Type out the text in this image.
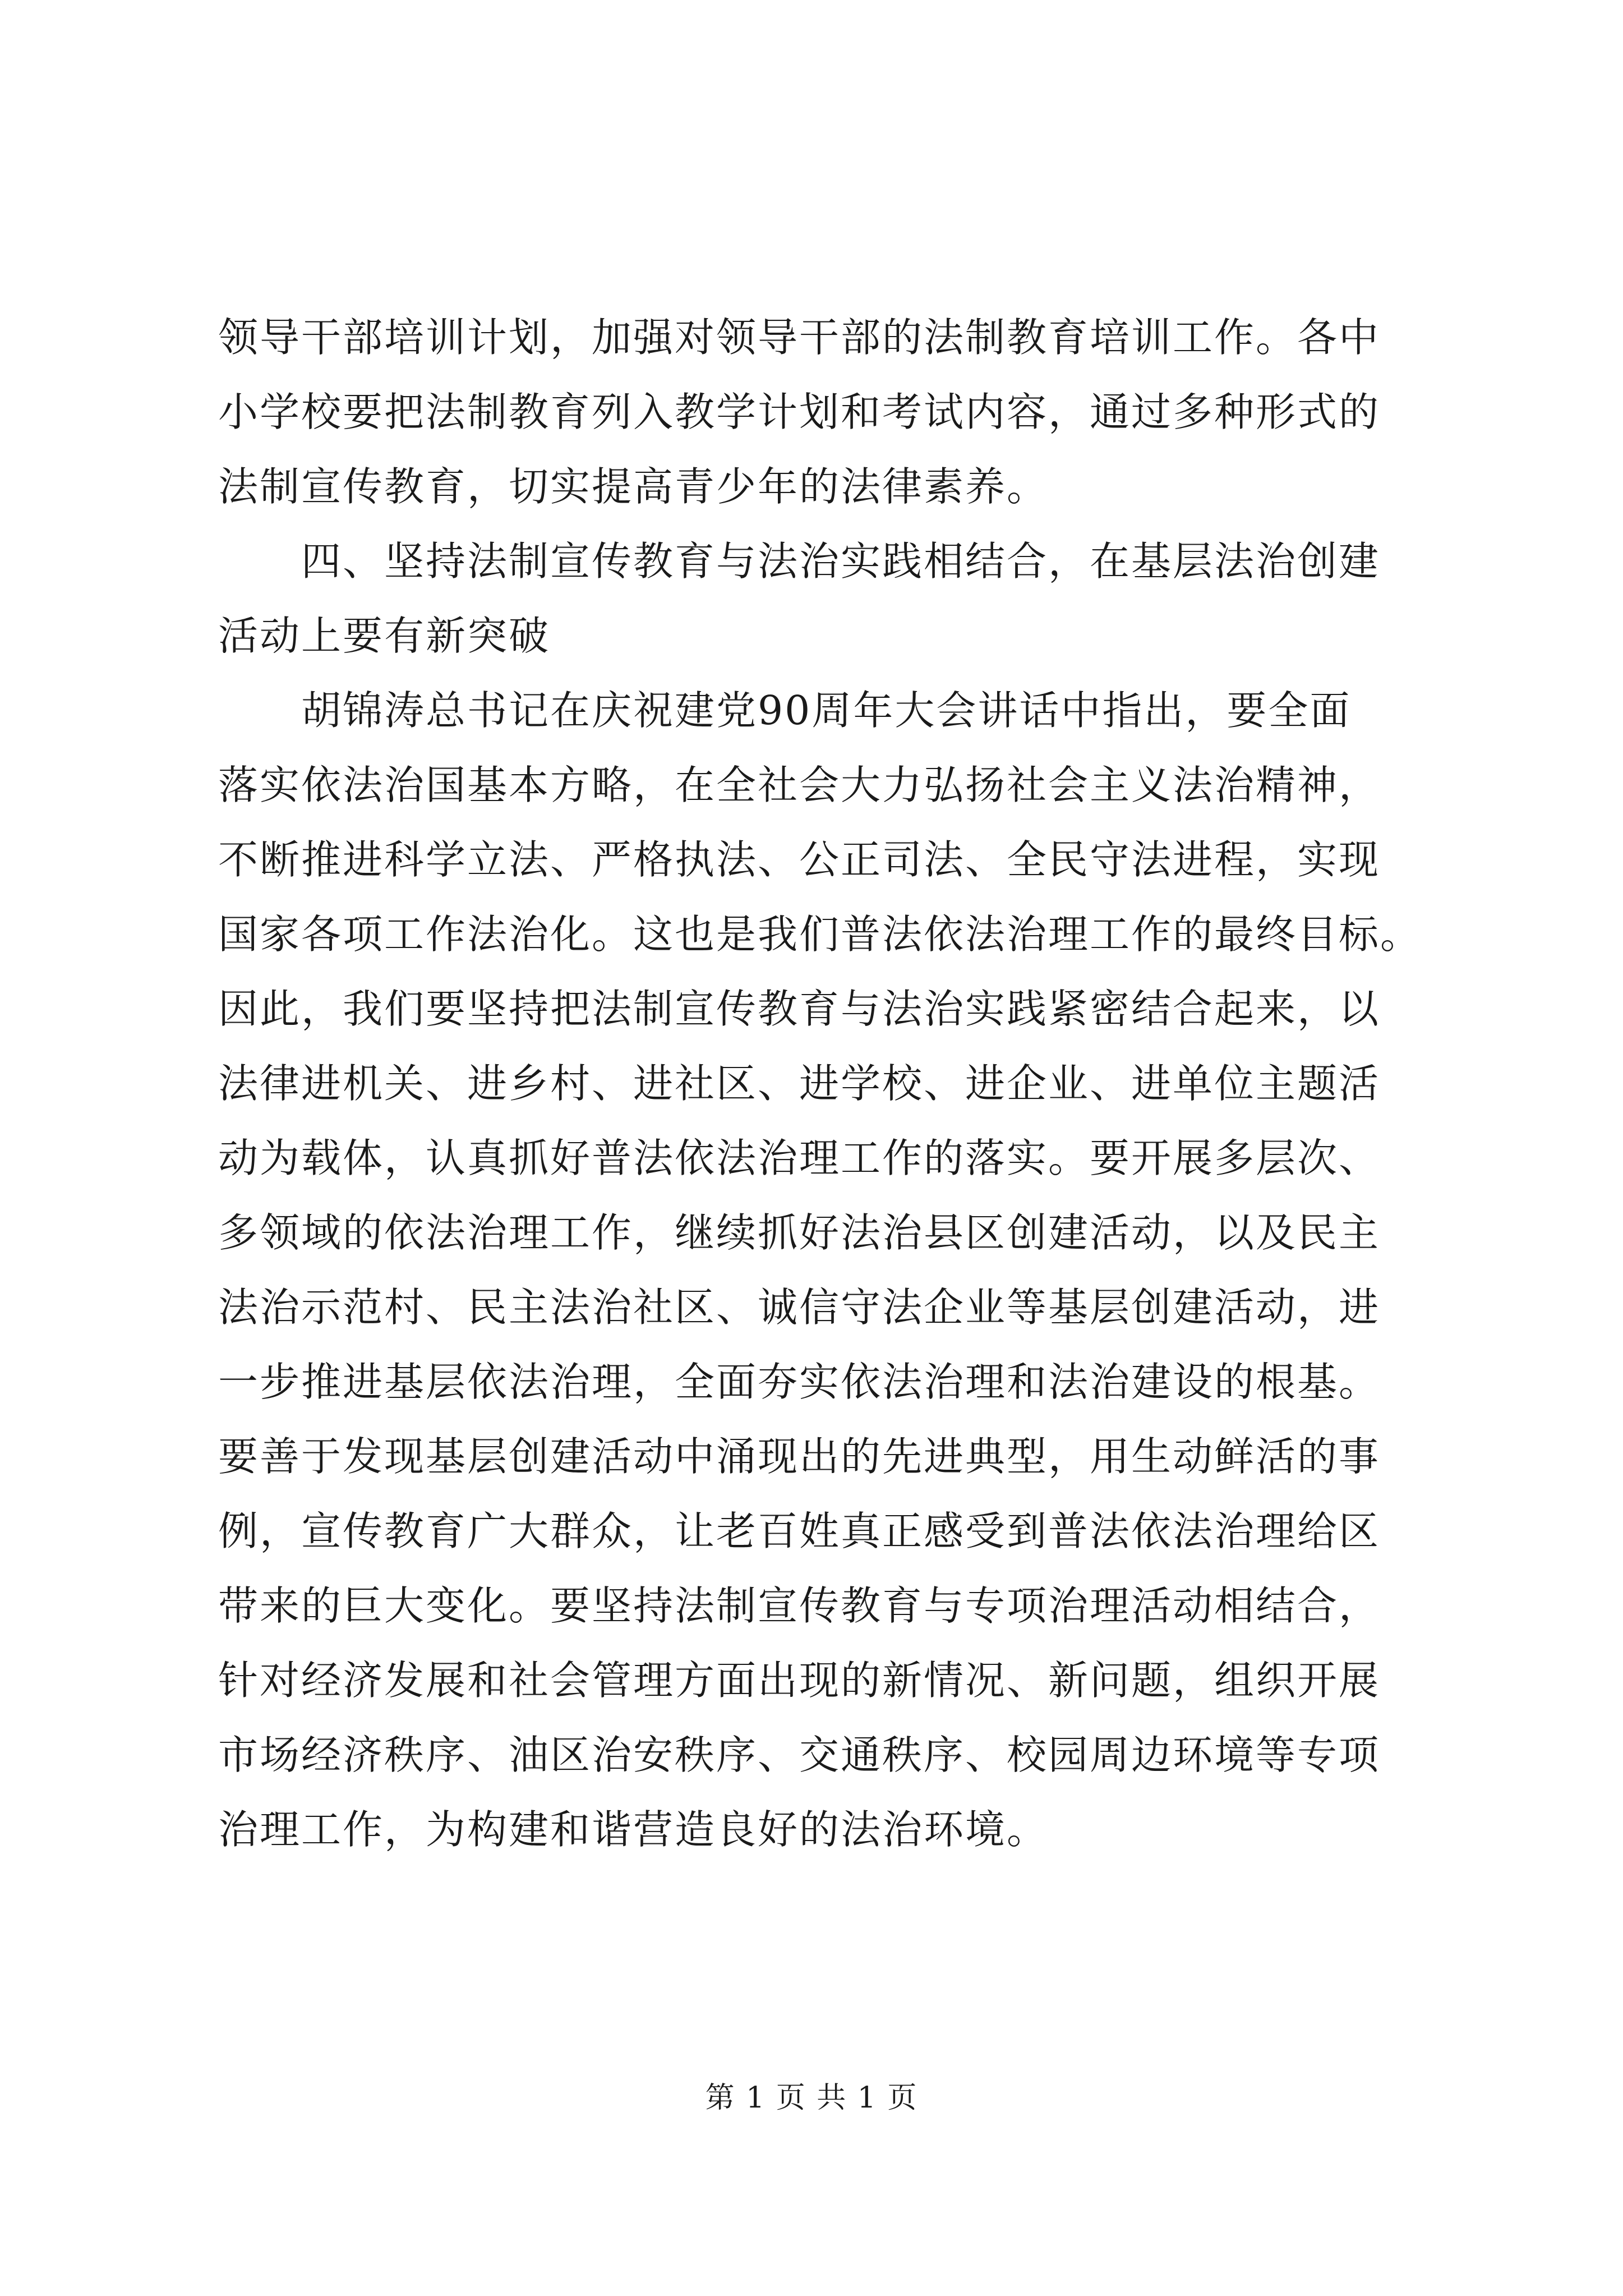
领导干部培训计划，加强对领导干部的法制教育培训工作。各中
小学校要把法制教育列入教学计划和考试内容，通过多种形式的
法制宣传教育，切实提高青少年的法律素养。
　　四、坚持法制宣传教育与法治实践相结合，在基层法治创建
活动上要有新突破
　　胡锦涛总书记在庆祝建党90周年大会讲话中指出，要全面
落实依法治国基本方略，在全社会大力弘扬社会主义法治精神，
不断推进科学立法、严格执法、公正司法、全民守法进程，实现
国家各项工作法治化。这也是我们普法依法治理工作的最终目标。
因此，我们要坚持把法制宣传教育与法治实践紧密结合起来，以
法律进机关、进乡村、进社区、进学校、进企业、进单位主题活
动为载体，认真抓好普法依法治理工作的落实。要开展多层次、
多领域的依法治理工作，继续抓好法治县区创建活动，以及民主
法治示范村、民主法治社区、诚信守法企业等基层创建活动，进
一步推进基层依法治理，全面夯实依法治理和法治建设的根基。
要善于发现基层创建活动中涌现出的先进典型，用生动鲜活的事
例，宣传教育广大群众，让老百姓真正感受到普法依法治理给区
带来的巨大变化。要坚持法制宣传教育与专项治理活动相结合，
针对经济发展和社会管理方面出现的新情况、新问题，组织开展
市场经济秩序、油区治安秩序、交通秩序、校园周边环境等专项
治理工作，为构建和谐营造良好的法治环境。
第 1 页 共 1 页
